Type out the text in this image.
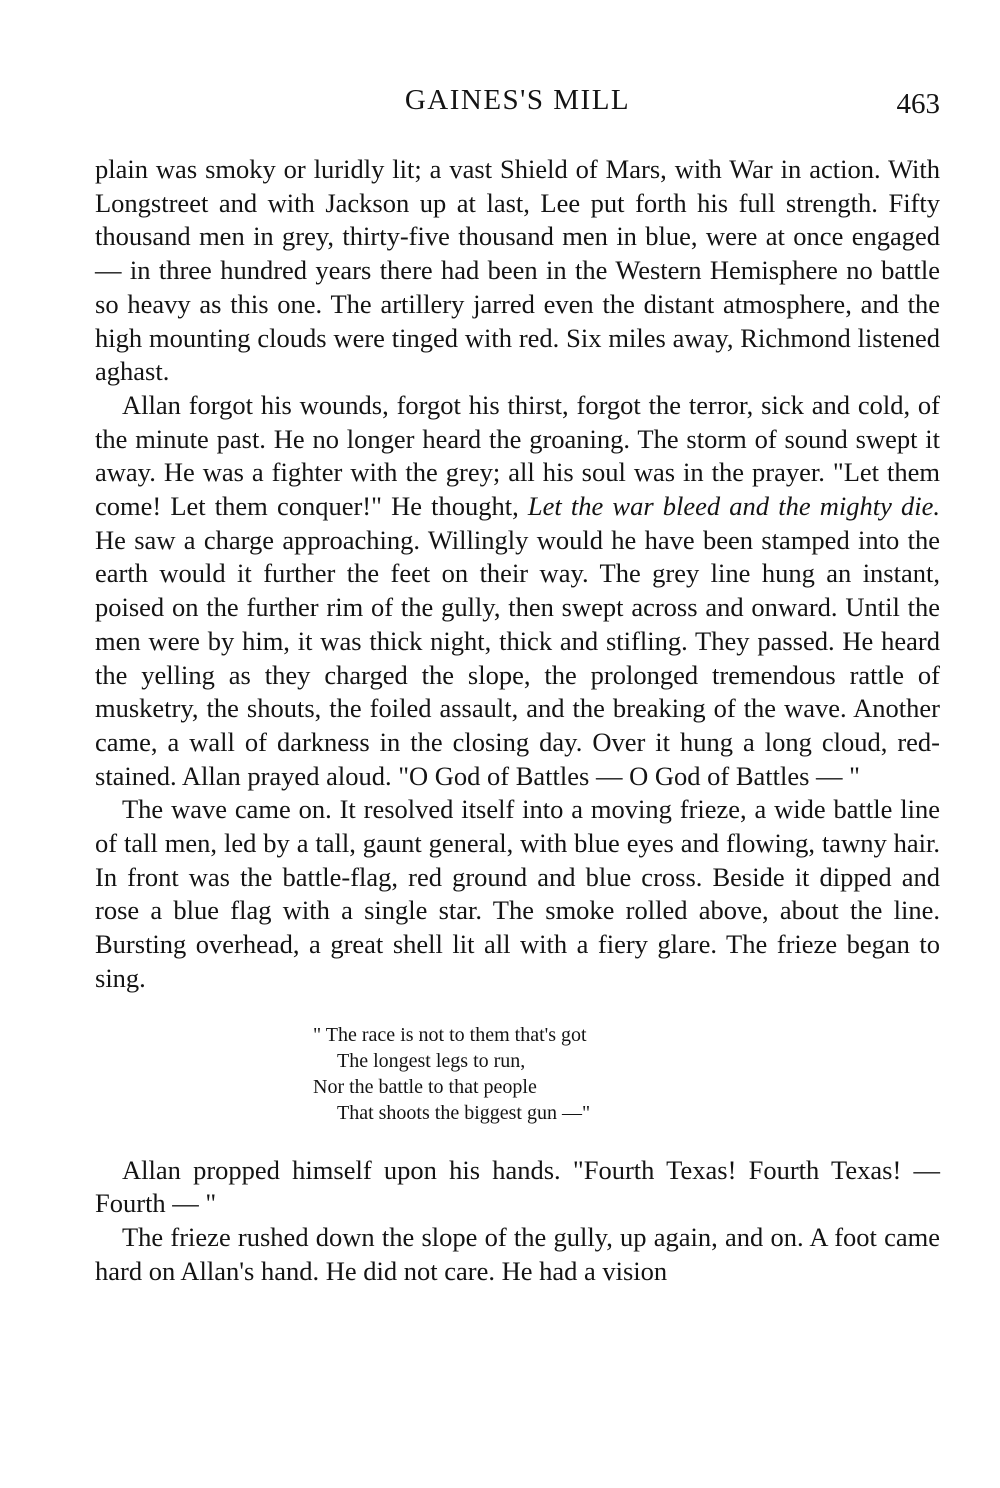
GAINES'S MILL	463

plain was smoky or luridly lit; a vast Shield of Mars, with War in action. With Longstreet and with Jackson up at last, Lee put forth his full strength. Fifty thousand men in grey, thirty-five thousand men in blue, were at once engaged — in three hundred years there had been in the Western Hemisphere no battle so heavy as this one. The artillery jarred even the distant atmosphere, and the high mounting clouds were tinged with red. Six miles away, Richmond listened aghast.

Allan forgot his wounds, forgot his thirst, forgot the terror, sick and cold, of the minute past. He no longer heard the groaning. The storm of sound swept it away. He was a fighter with the grey; all his soul was in the prayer. "Let them come! Let them conquer!" He thought, Let the war bleed and the mighty die. He saw a charge approaching. Willingly would he have been stamped into the earth would it further the feet on their way. The grey line hung an instant, poised on the further rim of the gully, then swept across and onward. Until the men were by him, it was thick night, thick and stifling. They passed. He heard the yelling as they charged the slope, the prolonged tremendous rattle of musketry, the shouts, the foiled assault, and the breaking of the wave. Another came, a wall of darkness in the closing day. Over it hung a long cloud, red-stained. Allan prayed aloud. "O God of Battles — O God of Battles — "

The wave came on. It resolved itself into a moving frieze, a wide battle line of tall men, led by a tall, gaunt general, with blue eyes and flowing, tawny hair. In front was the battle-flag, red ground and blue cross. Beside it dipped and rose a blue flag with a single star. The smoke rolled above, about the line. Bursting overhead, a great shell lit all with a fiery glare. The frieze began to sing.

" The race is not to them that's got
The longest legs to run,
Nor the battle to that people
That shoots the biggest gun —"

Allan propped himself upon his hands. "Fourth Texas! Fourth Texas! — Fourth — "

The frieze rushed down the slope of the gully, up again, and on. A foot came hard on Allan's hand. He did not care. He had a vision
